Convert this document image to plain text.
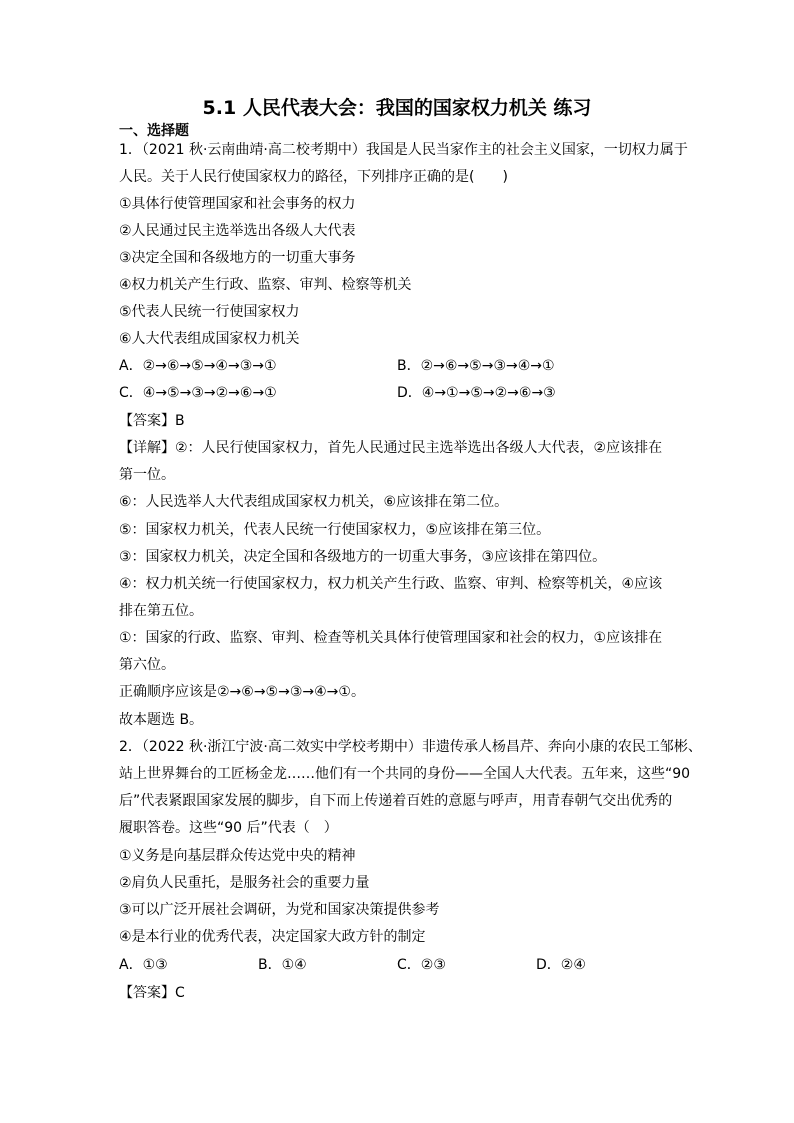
5.1 人民代表大会：我国的国家权力机关 练习
一、选择题
1．（2021 秋·云南曲靖·高二校考期中）我国是人民当家作主的社会主义国家，一切权力属于
人民。关于人民行使国家权力的路径，下列排序正确的是(　　)
①具体行使管理国家和社会事务的权力
②人民通过民主选举选出各级人大代表
③决定全国和各级地方的一切重大事务
④权力机关产生行政、监察、审判、检察等机关
⑤代表人民统一行使国家权力
⑥人大代表组成国家权力机关
A．②→⑥→⑤→④→③→①	B．②→⑥→⑤→③→④→①
C．④→⑤→③→②→⑥→①	D．④→①→⑤→②→⑥→③
【答案】B
【详解】②：人民行使国家权力，首先人民通过民主选举选出各级人大代表，②应该排在
第一位。
⑥：人民选举人大代表组成国家权力机关，⑥应该排在第二位。
⑤：国家权力机关，代表人民统一行使国家权力，⑤应该排在第三位。
③：国家权力机关，决定全国和各级地方的一切重大事务，③应该排在第四位。
④：权力机关统一行使国家权力，权力机关产生行政、监察、审判、检察等机关，④应该
排在第五位。
①：国家的行政、监察、审判、检查等机关具体行使管理国家和社会的权力，①应该排在
第六位。
正确顺序应该是②→⑥→⑤→③→④→①。
故本题选 B。
2．（2022 秋·浙江宁波·高二效实中学校考期中）非遗传承人杨昌芹、奔向小康的农民工邹彬、
站上世界舞台的工匠杨金龙……他们有一个共同的身份——全国人大代表。五年来，这些“90
后”代表紧跟国家发展的脚步，自下而上传递着百姓的意愿与呼声，用青春朝气交出优秀的
履职答卷。这些“90 后”代表（　）
①义务是向基层群众传达党中央的精神
②肩负人民重托，是服务社会的重要力量
③可以广泛开展社会调研，为党和国家决策提供参考
④是本行业的优秀代表，决定国家大政方针的制定
A．①③	B．①④	C．②③	D．②④
【答案】C
